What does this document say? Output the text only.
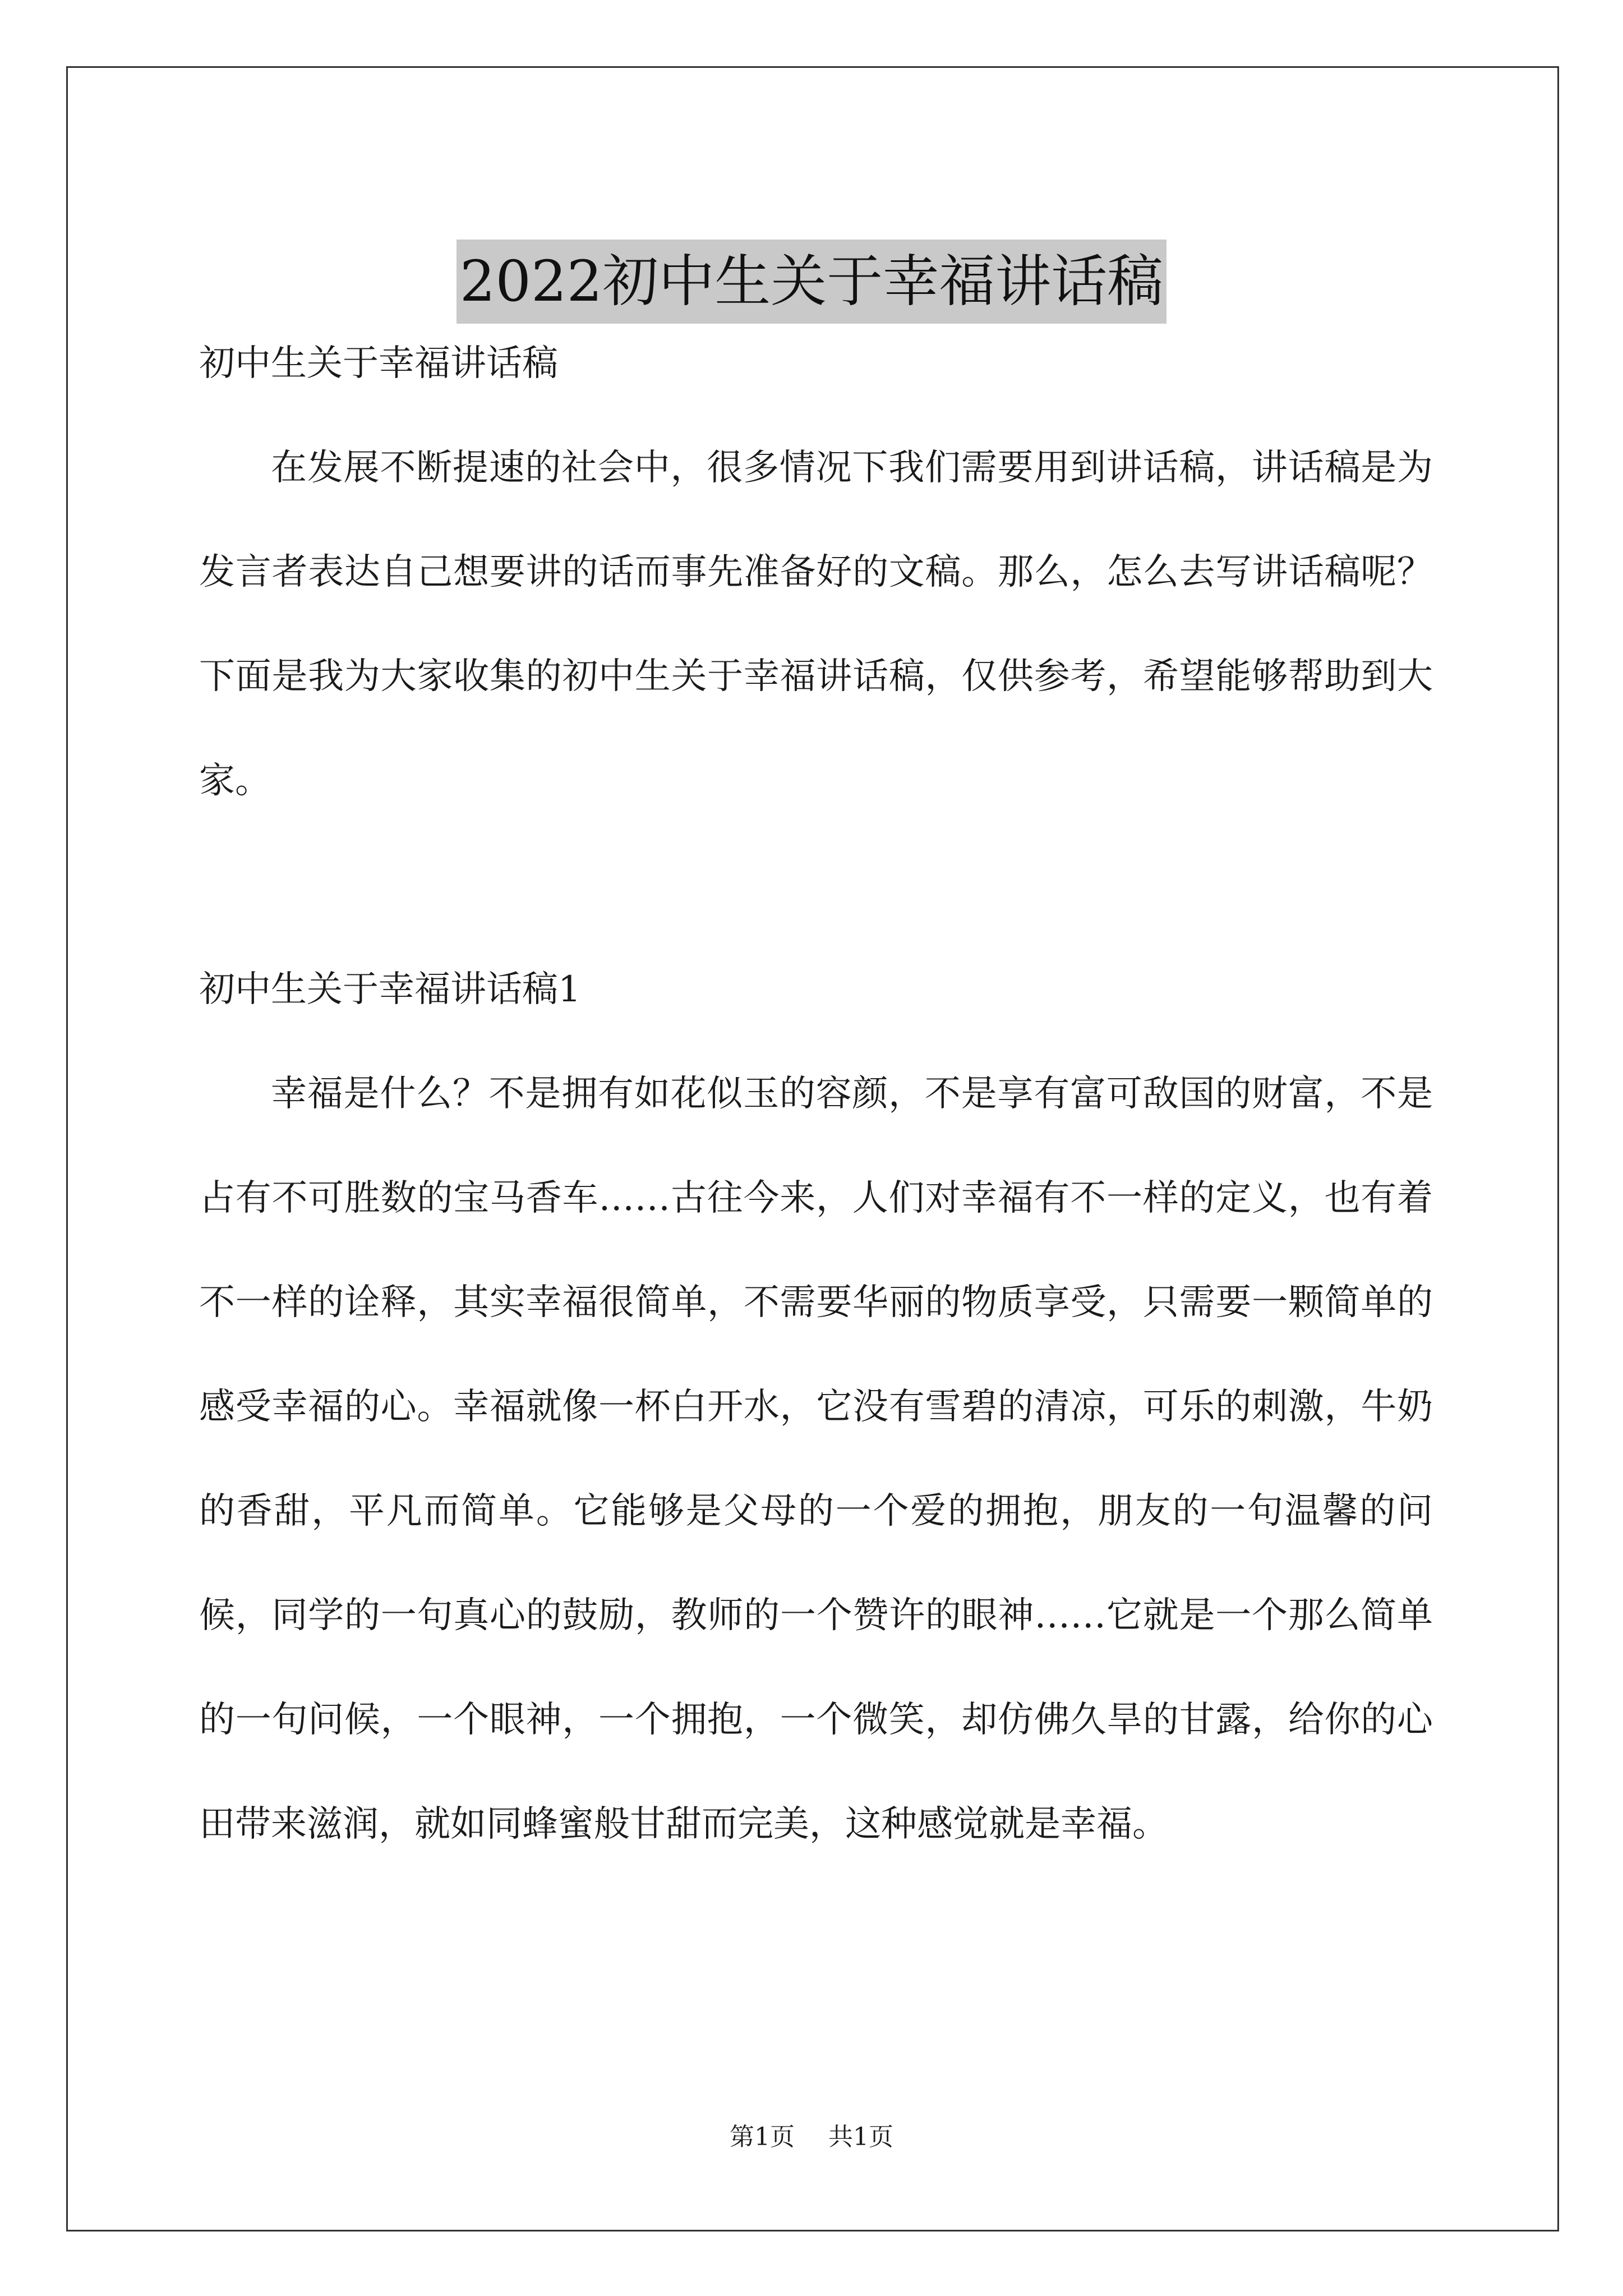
2022初中生关于幸福讲话稿

初中生关于幸福讲话稿

在发展不断提速的社会中，很多情况下我们需要用到讲话稿，讲话稿是为发言者表达自己想要讲的话而事先准备好的文稿。那么，怎么去写讲话稿呢？下面是我为大家收集的初中生关于幸福讲话稿，仅供参考，希望能够帮助到大家。

初中生关于幸福讲话稿1

幸福是什么？不是拥有如花似玉的容颜，不是享有富可敌国的财富，不是占有不可胜数的宝马香车……古往今来，人们对幸福有不一样的定义，也有着不一样的诠释，其实幸福很简单，不需要华丽的物质享受，只需要一颗简单的感受幸福的心。幸福就像一杯白开水，它没有雪碧的清凉，可乐的刺激，牛奶的香甜，平凡而简单。它能够是父母的一个爱的拥抱，朋友的一句温馨的问候，同学的一句真心的鼓励，教师的一个赞许的眼神……它就是一个那么简单的一句问候，一个眼神，一个拥抱，一个微笑，却仿佛久旱的甘露，给你的心田带来滋润，就如同蜂蜜般甘甜而完美，这种感觉就是幸福。

第1页 共1页
